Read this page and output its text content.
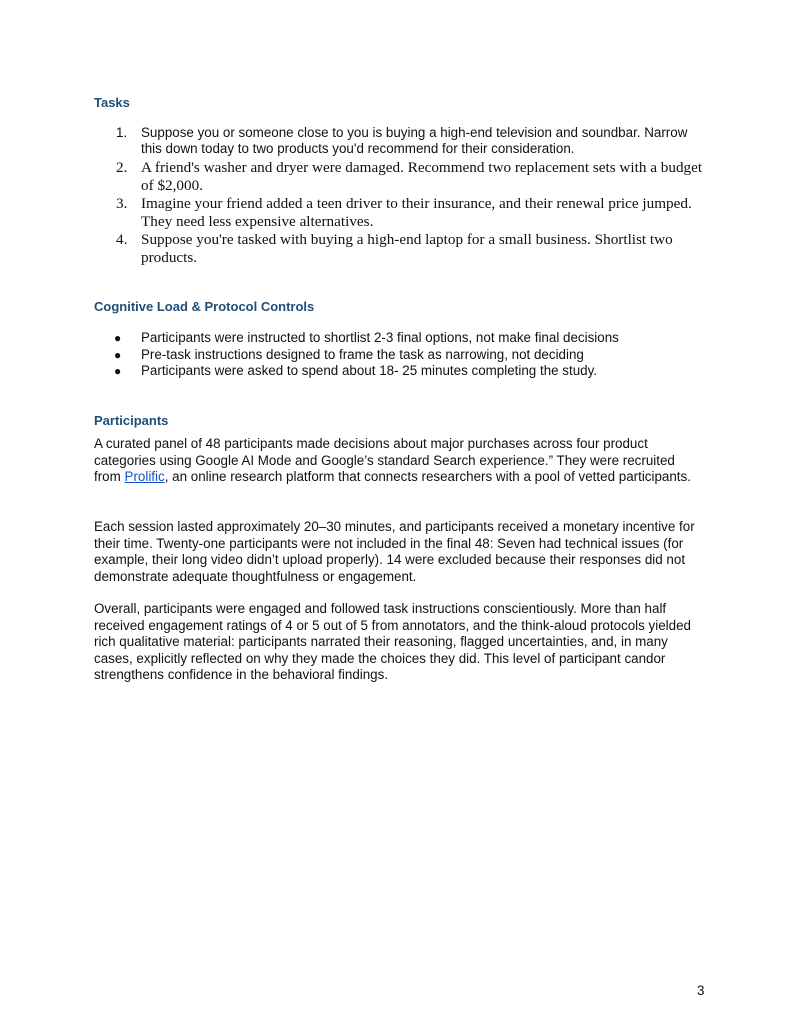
Tasks
1. Suppose you or someone close to you is buying a high-end television and soundbar. Narrow this down today to two products you'd recommend for their consideration.
2. A friend's washer and dryer were damaged. Recommend two replacement sets with a budget of $2,000.
3. Imagine your friend added a teen driver to their insurance, and their renewal price jumped. They need less expensive alternatives.
4. Suppose you're tasked with buying a high-end laptop for a small business. Shortlist two products.
Cognitive Load & Protocol Controls
● Participants were instructed to shortlist 2-3 final options, not make final decisions
● Pre-task instructions designed to frame the task as narrowing, not deciding
● Participants were asked to spend about 18- 25 minutes completing the study.
Participants

A curated panel of 48 participants made decisions about major purchases across four product categories using Google AI Mode and Google’s standard Search experience.” They were recruited from Prolific, an online research platform that connects researchers with a pool of vetted participants.

Each session lasted approximately 20–30 minutes, and participants received a monetary incentive for their time. Twenty-one participants were not included in the final 48: Seven had technical issues (for example, their long video didn’t upload properly). 14 were excluded because their responses did not demonstrate adequate thoughtfulness or engagement.

Overall, participants were engaged and followed task instructions conscientiously. More than half received engagement ratings of 4 or 5 out of 5 from annotators, and the think-aloud protocols yielded rich qualitative material: participants narrated their reasoning, flagged uncertainties, and, in many cases, explicitly reflected on why they made the choices they did. This level of participant candor strengthens confidence in the behavioral findings.

3
